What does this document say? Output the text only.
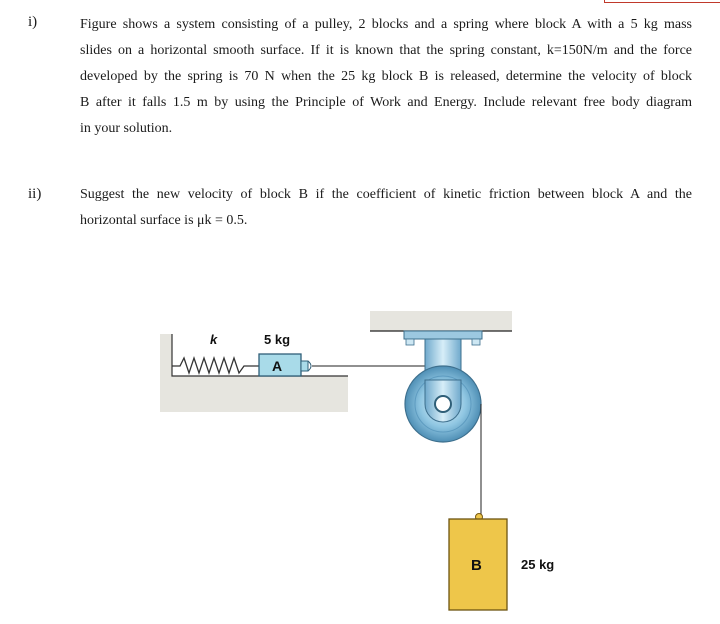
i)	Figure shows a system consisting of a pulley, 2 blocks and a spring where block A with a 5 kg mass
slides on a horizontal smooth surface. If it is known that the spring constant, k=150N/m and the force
developed by the spring is 70 N when the 25 kg block B is released, determine the velocity of block
B after it falls 1.5 m by using the Principle of Work and Energy. Include relevant free body diagram
in your solution.
ii)	Suggest the new velocity of block B if the coefficient of kinetic friction between block A and the
horizontal surface is μk = 0.5.
k
A
5 kg
B	25 kg
